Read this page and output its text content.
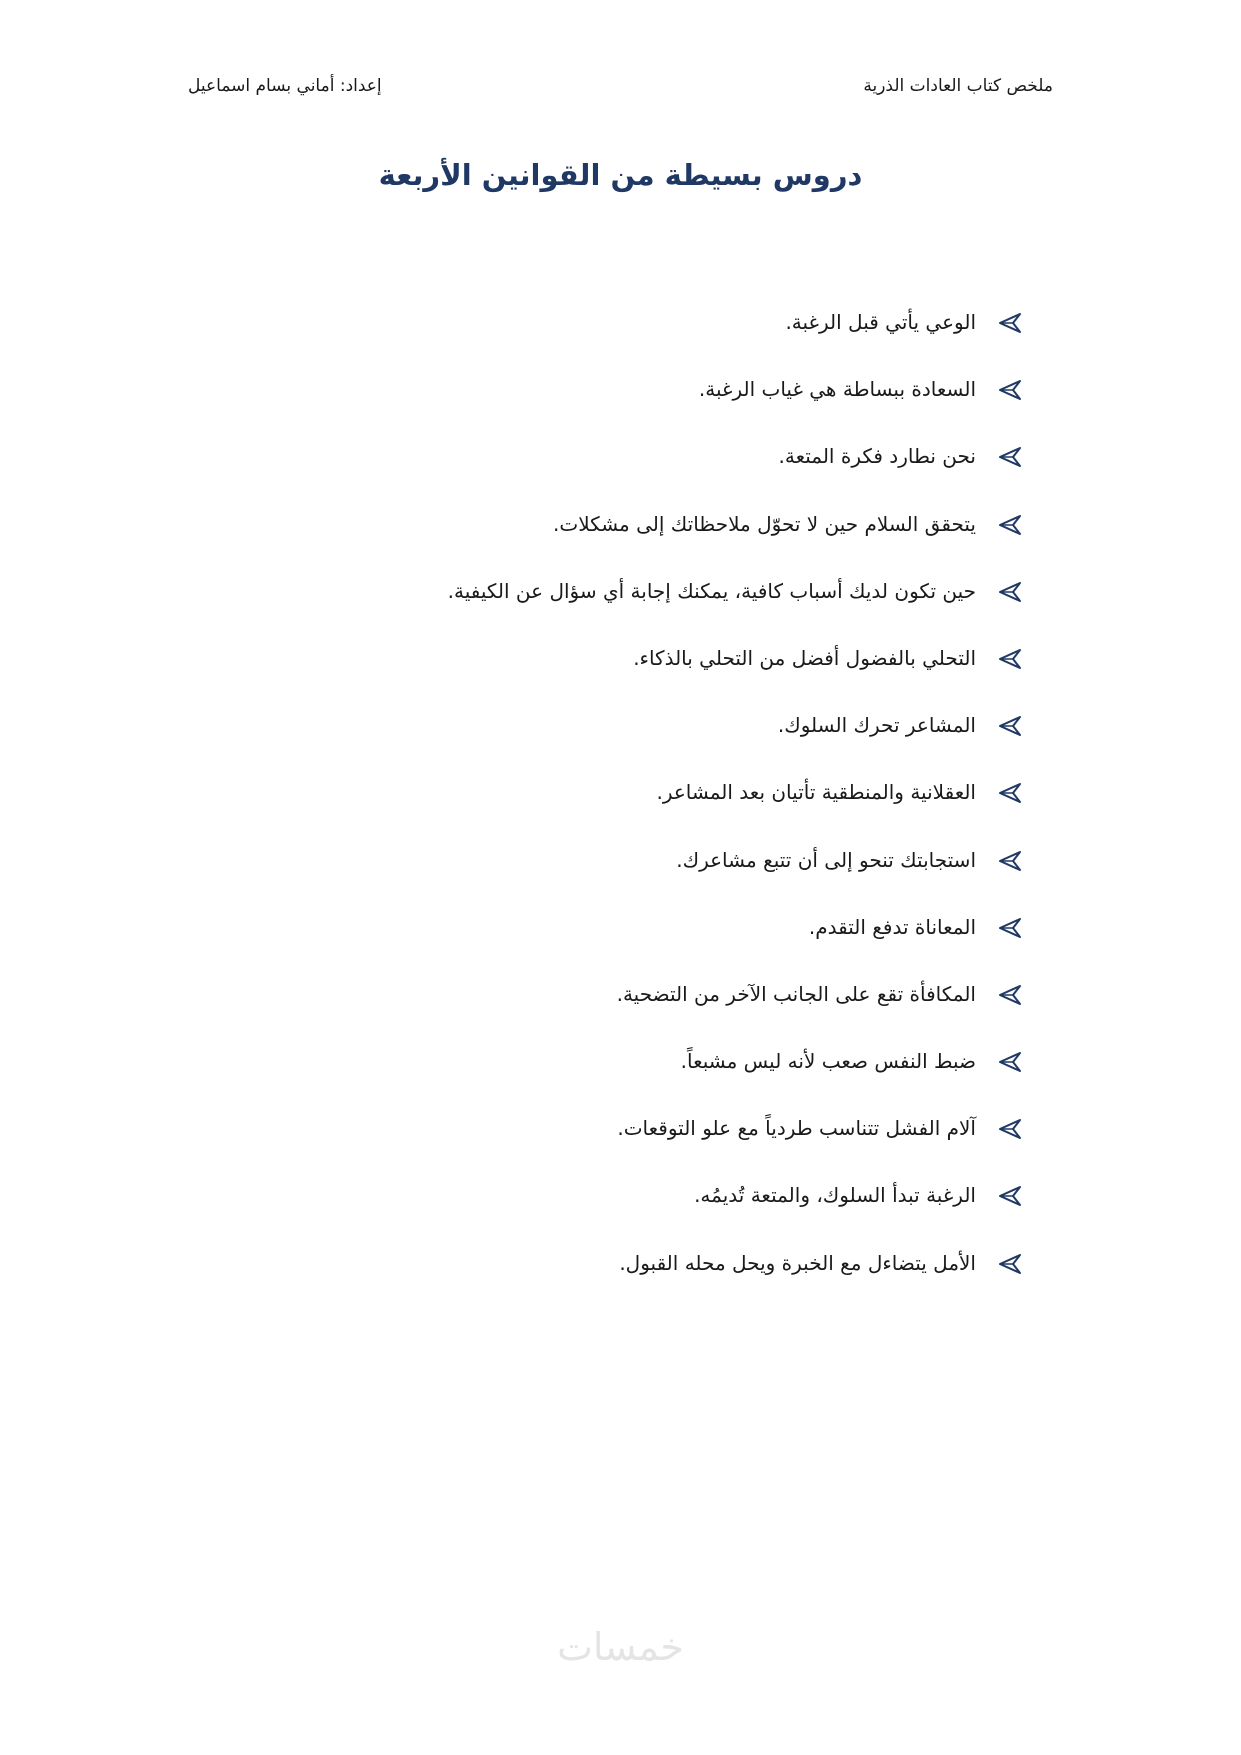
ملخص كتاب العادات الذرية
إعداد: أماني بسام اسماعيل
دروس بسيطة من القوانين الأربعة
الوعي يأتي قبل الرغبة.
السعادة ببساطة هي غياب الرغبة.
نحن نطارد فكرة المتعة.
يتحقق السلام حين لا تحوّل ملاحظاتك إلى مشكلات.
حين تكون لديك أسباب كافية، يمكنك إجابة أي سؤال عن الكيفية.
التحلي بالفضول أفضل من التحلي بالذكاء.
المشاعر تحرك السلوك.
العقلانية والمنطقية تأتيان بعد المشاعر.
استجابتك تنحو إلى أن تتبع مشاعرك.
المعاناة تدفع التقدم.
المكافأة تقع على الجانب الآخر من التضحية.
ضبط النفس صعب لأنه ليس مشبعاً.
آلام الفشل تتناسب طردياً مع علو التوقعات.
الرغبة تبدأ السلوك، والمتعة تُديمُه.
الأمل يتضاءل مع الخبرة ويحل محله القبول.
خمسات
